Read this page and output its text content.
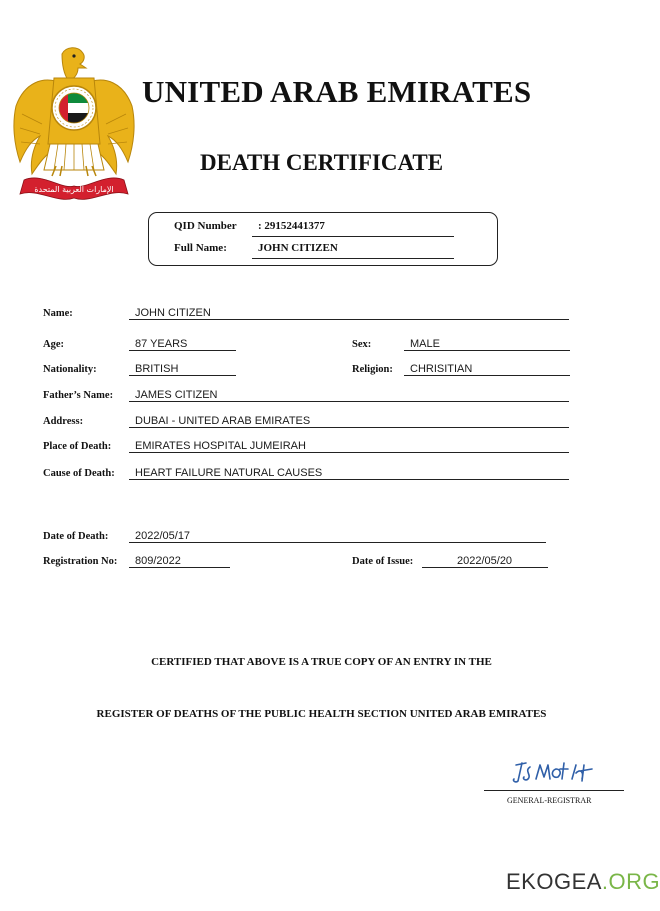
الإمارات العربية المتحدة
UNITED ARAB EMIRATES
DEATH CERTIFICATE
QID Number : 29152441377
Full Name:	JOHN CITIZEN
Name:	JOHN CITIZEN
Age:	87 YEARS	Sex:	MALE
Nationality:	BRITISH	Religion: CHRISITIAN
Father’s Name: JAMES CITIZEN
Address:	DUBAI - UNITED ARAB EMIRATES
Place of Death: EMIRATES HOSPITAL JUMEIRAH
Cause of Death: HEART FAILURE NATURAL CAUSES
Date of Death: 2022/05/17
Registration No: 809/2022	Date of Issue:	2022/05/20
CERTIFIED THAT ABOVE IS A TRUE COPY OF AN ENTRY IN THE
REGISTER OF DEATHS OF THE PUBLIC HEALTH SECTION UNITED ARAB EMIRATES
GENERAL-REGISTRAR
EKOGEA.ORG
